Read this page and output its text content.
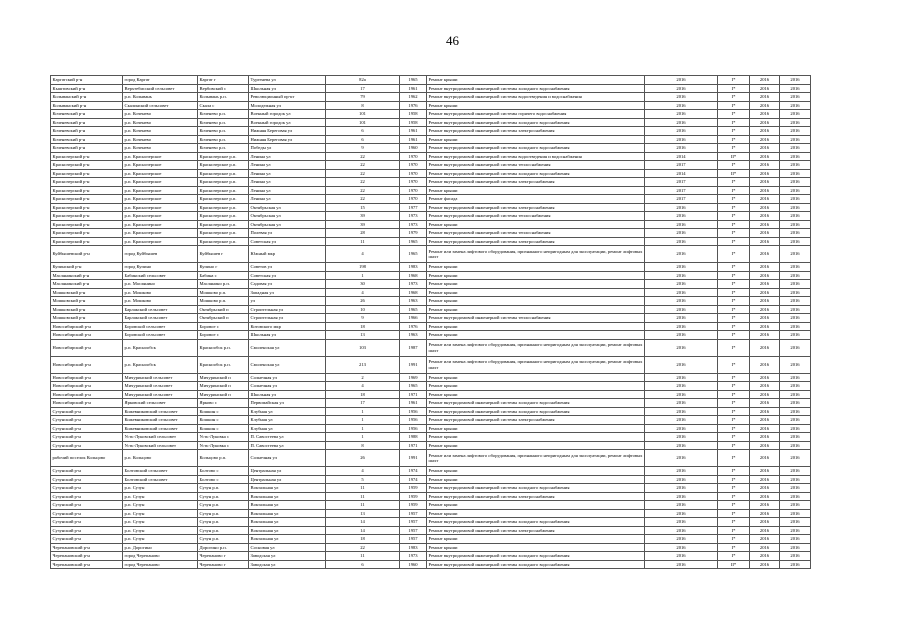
46
Каргатский р-н	город Каргат	Каргат г	Тургенева ул	82а	1965	Ремонт крыши	2016	I*	2016	2016
Кыштовский р-н	Верхтебисский сельсовет	Вербовский с	Школьная ул	17	1961	Ремонт внутридомовой инженерной системы холодного водоснабжения	2016	I*	2016	2016
Колыванский р-н	р.п. Колывань	Колывань р.п.	Революционный пр-кт	79	1962	Ремонт внутридомовой инженерной системы водоотведения и водоснабжения	2016	I*	2016	2016
Колыванский р-н	Скалинский сельсовет	Скала с	Молодежная ул	8	1976	Ремонт крыши	2016	I*	2016	2016
Коченевский р-н	р.п. Коченево	Коченево р.п.	Военный городок ул	101	1958	Ремонт внутридомовой инженерной системы горячего водоснабжения	2016	I*	2016	2016
Коченевский р-н	р.п. Коченево	Коченево р.п.	Военный городок ул	101	1958	Ремонт внутридомовой инженерной системы холодного водоснабжения	2016	I*	2016	2016
Коченевский р-н	р.п. Коченево	Коченево р.п.	Нижняя Береговая ул	6	1961	Ремонт внутридомовой инженерной системы электроснабжения	2016	I*	2016	2016
Коченевский р-н	р.п. Коченево	Коченево р.п.	Нижняя Береговая ул	6	1961	Ремонт крыши	2016	I*	2016	2016
Коченевский р-н	р.п. Коченево	Коченево р.п.	Победы ул	9	1960	Ремонт внутридомовой инженерной системы холодного водоснабжения	2016	I*	2016	2016
Краснозерский р-н	р.п. Краснозерское	Краснозерское р.п.	Ленина ул	22	1970	Ремонт внутридомовой инженерной системы водоотведения и водоснабжения	2014	II*	2016	2016
Краснозерский р-н	р.п. Краснозерское	Краснозерское р.п.	Ленина ул	22	1970	Ремонт внутридомовой инженерной системы теплоснабжения	2017	I*	2016	2016
Краснозерский р-н	р.п. Краснозерское	Краснозерское р.п.	Ленина ул	22	1970	Ремонт внутридомовой инженерной системы холодного водоснабжения	2014	II*	2016	2016
Краснозерский р-н	р.п. Краснозерское	Краснозерское р.п.	Ленина ул	22	1970	Ремонт внутридомовой инженерной системы электроснабжения	2017	I*	2016	2016
Краснозерский р-н	р.п. Краснозерское	Краснозерское р.п.	Ленина ул	22	1970	Ремонт крыши	2017	I*	2016	2016
Краснозерский р-н	р.п. Краснозерское	Краснозерское р.п.	Ленина ул	22	1970	Ремонт фасада	2017	I*	2016	2016
Краснозерский р-н	р.п. Краснозерское	Краснозерское р.п.	Октябрьская ул	15	1977	Ремонт внутридомовой инженерной системы электроснабжения	2016	I*	2016	2016
Краснозерский р-н	р.п. Краснозерское	Краснозерское р.п.	Октябрьская ул	39	1973	Ремонт внутридомовой инженерной системы теплоснабжения	2016	I*	2016	2016
Краснозерский р-н	р.п. Краснозерское	Краснозерское р.п.	Октябрьская ул	39	1973	Ремонт крыши	2016	I*	2016	2016
Краснозерский р-н	р.п. Краснозерское	Краснозерское р.п.	Полевая ул	28	1979	Ремонт внутридомовой инженерной системы теплоснабжения	2016	I*	2016	2016
Краснозерский р-н	р.п. Краснозерское	Краснозерское р.п.	Советская ул	11	1965	Ремонт внутридомовой инженерной системы электроснабжения	2016	I*	2016	2016
Куйбышевский р-н	город Куйбышев	Куйбышев г	Южный мкр	4	1965	Ремонт или замена лифтового оборудования, признанного непригодным для эксплуатации, ремонт лифтовых шахт	2016	I*	2016	2016
Купинский р-н	город Купино	Купино г	Советов ул	198	1983	Ремонт крыши	2016	I*	2016	2016
Маслянинский р-н	Бабинский сельсовет	Бабина с	Советская ул	1	1968	Ремонт крыши	2016	I*	2016	2016
Маслянинский р-н	р.п. Маслянино	Маслянино р.п.	Садовая ул	30	1973	Ремонт крыши	2016	I*	2016	2016
Мошковский р-н	р.п. Мошково	Мошково р.п.	Западная ул	4	1968	Ремонт крыши	2016	I*	2016	2016
Мошковский р-н	р.п. Мошково	Мошково р.п.	ул	26	1963	Ремонт крыши	2016	I*	2016	2016
Мошковский р-н	Барлакский сельсовет	Октябрьский п	Строительная ул	10	1965	Ремонт крыши	2016	I*	2016	2016
Мошковский р-н	Барлакский сельсовет	Октябрьский п	Строительная ул	9	1966	Ремонт внутридомовой инженерной системы теплоснабжения	2016	I*	2016	2016
Новосибирский р-н	Боровской сельсовет	Боровое с	Котовского мкр	18	1976	Ремонт крыши	2016	I*	2016	2016
Новосибирский р-н	Боровской сельсовет	Боровое с	Школьная ул	13	1963	Ремонт крыши	2016	I*	2016	2016
Новосибирский р-н	р.п. Краснообск	Краснообск р.п.	Смоленская ул	103	1987	Ремонт или замена лифтового оборудования, признанного непригодным для эксплуатации, ремонт лифтовых шахт	2016	I*	2016	2016
Новосибирский р-н	р.п. Краснообск	Краснообск р.п.	Смоленская ул	213	1991	Ремонт или замена лифтового оборудования, признанного непригодным для эксплуатации, ремонт лифтовых шахт	2016	I*	2016	2016
Новосибирский р-н	Мичуринский сельсовет	Мичуринский п	Солнечная ул	2	1969	Ремонт крыши	2016	I*	2016	2016
Новосибирский р-н	Мичуринский сельсовет	Мичуринский п	Солнечная ул	4	1965	Ремонт крыши	2016	I*	2016	2016
Новосибирский р-н	Мичуринский сельсовет	Мичуринский п	Школьная ул	18	1971	Ремонт крыши	2016	I*	2016	2016
Новосибирский р-н	Ярковский сельсовет	Ярково с	Первомайская ул	17	1961	Ремонт внутридомовой инженерной системы холодного водоснабжения	2016	I*	2016	2016
Сузунский р-н	Кожевниковский сельсовет	Кошкин с	Клубная ул	1	1956	Ремонт внутридомовой инженерной системы холодного водоснабжения	2016	I*	2016	2016
Сузунский р-н	Кожевниковский сельсовет	Кошкин с	Клубная ул	1	1956	Ремонт внутридомовой инженерной системы электроснабжения	2016	I*	2016	2016
Сузунский р-н	Кожевниковский сельсовет	Кошкин с	Клубная ул	1	1956	Ремонт крыши	2016	I*	2016	2016
Сузунский р-н	Усть-Луковский сельсовет	Усть-Луковка с	П. Савостеева ул	1	1988	Ремонт крыши	2016	I*	2016	2016
Сузунский р-н	Усть-Луковский сельсовет	Усть-Луковка с	П. Савостеева ул	8	1971	Ремонт крыши	2016	I*	2016	2016
рабочий поселок Кольцово	р.п. Кольцово	Кольцово р.п.	Солнечная ул	26	1991	Ремонт или замена лифтового оборудования, признанного непригодным для эксплуатации, ремонт лифтовых шахт	2016	I*	2016	2016
Сузунский р-н	Болтовский сельсовет	Болтово с	Центральная ул	4	1974	Ремонт крыши	2016	I*	2016	2016
Сузунский р-н	Болтовский сельсовет	Болтово с	Центральная ул	5	1974	Ремонт крыши	2016	I*	2016	2016
Сузунский р-н	р.п. Сузун	Сузун р.п.	Вокзальная ул	11	1959	Ремонт внутридомовой инженерной системы холодного водоснабжения	2016	I*	2016	2016
Сузунский р-н	р.п. Сузун	Сузун р.п.	Вокзальная ул	11	1959	Ремонт внутридомовой инженерной системы электроснабжения	2016	I*	2016	2016
Сузунский р-н	р.п. Сузун	Сузун р.п.	Вокзальная ул	11	1959	Ремонт крыши	2016	I*	2016	2016
Сузунский р-н	р.п. Сузун	Сузун р.п.	Вокзальная ул	13	1957	Ремонт крыши	2016	I*	2016	2016
Сузунский р-н	р.п. Сузун	Сузун р.п.	Вокзальная ул	14	1957	Ремонт внутридомовой инженерной системы холодного водоснабжения	2016	I*	2016	2016
Сузунский р-н	р.п. Сузун	Сузун р.п.	Вокзальная ул	14	1957	Ремонт внутридомовой инженерной системы электроснабжения	2016	I*	2016	2016
Сузунский р-н	р.п. Сузун	Сузун р.п.	Вокзальная ул	18	1957	Ремонт крыши	2016	I*	2016	2016
Черепановский р-н	р.п. Дорогино	Дорогино р.п.	Сосновая ул	22	1983	Ремонт крыши	2016	I*	2016	2016
Черепановский р-н	город Черепаново	Черепаново г	Заводская ул	11	1973	Ремонт внутридомовой инженерной системы холодного водоснабжения	2016	I*	2016	2016
Черепановский р-н	город Черепаново	Черепаново г	Заводская ул	6	1960	Ремонт внутридомовой инженерной системы холодного водоснабжения	2016	II*	2016	2016
